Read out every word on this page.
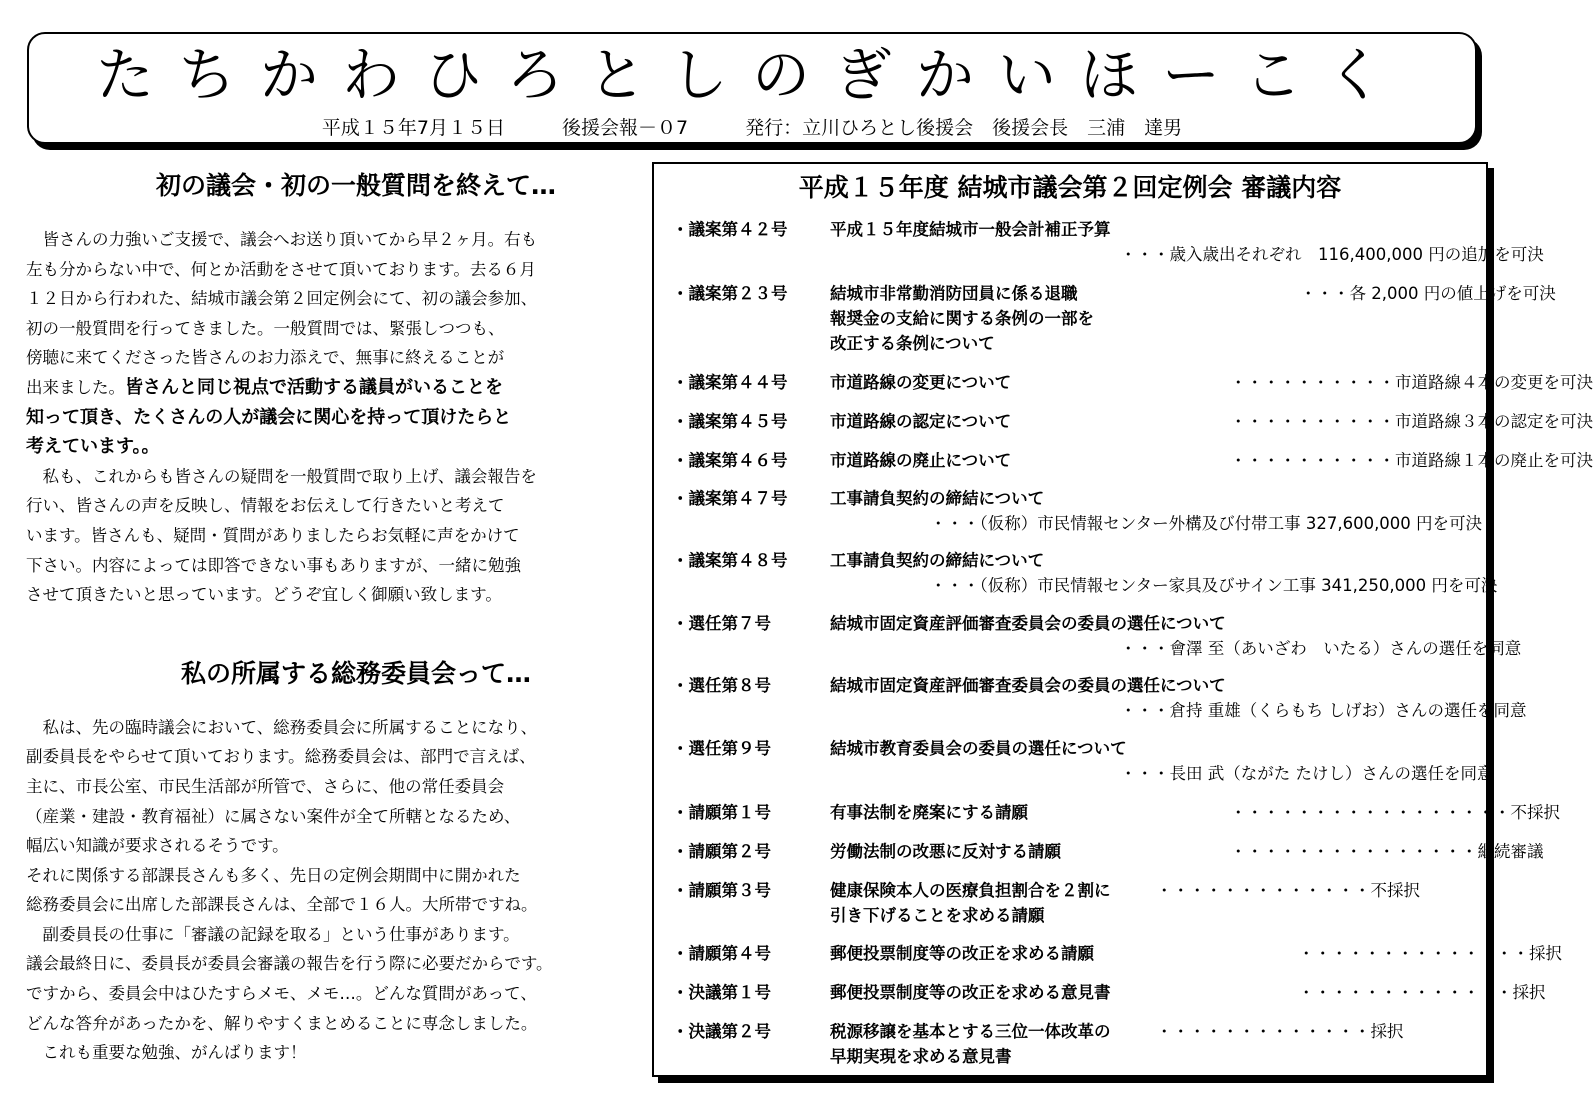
たちかわひろとしのぎかいほーこく
平成１５年7月１５日　　　	後援会報－０7　　　	発行：立川ひろとし後援会　後援会長　三浦　達男
初の議会・初の一般質問を終えて…
　皆さんの力強いご支援で、議会へお送り頂いてから早２ヶ月。右も
左も分からない中で、何とか活動をさせて頂いております。去る６月
１２日から行われた、結城市議会第２回定例会にて、初の議会参加、
初の一般質問を行ってきました。一般質問では、緊張しつつも、
傍聴に来てくださった皆さんのお力添えで、無事に終えることが
出来ました。皆さんと同じ視点で活動する議員がいることを
知って頂き、たくさんの人が議会に関心を持って頂けたらと
考えています。。
　私も、これからも皆さんの疑問を一般質問で取り上げ、議会報告を
行い、皆さんの声を反映し、情報をお伝えして行きたいと考えて
います。皆さんも、疑問・質問がありましたらお気軽に声をかけて
下さい。内容によっては即答できない事もありますが、一緒に勉強
させて頂きたいと思っています。どうぞ宜しく御願い致します。
私の所属する総務委員会って…
　私は、先の臨時議会において、総務委員会に所属することになり、
副委員長をやらせて頂いております。総務委員会は、部門で言えば、
主に、市長公室、市民生活部が所管で、さらに、他の常任委員会
（産業・建設・教育福祉）に属さない案件が全て所轄となるため、
幅広い知識が要求されるそうです。
それに関係する部課長さんも多く、先日の定例会期間中に開かれた
総務委員会に出席した部課長さんは、全部で１６人。大所帯ですね。
　副委員長の仕事に「審議の記録を取る」という仕事があります。
議会最終日に、委員長が委員会審議の報告を行う際に必要だからです。
ですから、委員会中はひたすらメモ、メモ…。どんな質問があって、
どんな答弁があったかを、解りやすくまとめることに専念しました。
　これも重要な勉強、がんばります！
平成１５年度 結城市議会第２回定例会 審議内容
・議案第４２号	平成１５年度結城市一般会計補正予算
・・・歳入歳出それぞれ　116,400,000 円の追加を可決
・議案第２３号	結城市非常勤消防団員に係る退職
報奨金の支給に関する条例の一部を
改正する条例について
・・・各 2,000 円の値上げを可決
・議案第４４号	市道路線の変更について	・・・・・・・・・・市道路線４本の変更を可決
・議案第４５号	市道路線の認定について	・・・・・・・・・・市道路線３本の認定を可決
・議案第４６号	市道路線の廃止について	・・・・・・・・・・市道路線１本の廃止を可決
・議案第４７号	工事請負契約の締結について
・・・（仮称）市民情報センター外構及び付帯工事 327,600,000 円を可決
・議案第４８号	工事請負契約の締結について
・・・（仮称）市民情報センター家具及びサイン工事 341,250,000 円を可決
・選任第７号	結城市固定資産評価審査委員会の委員の選任について
・・・會澤 至（あいざわ　いたる）さんの選任を同意
・選任第８号	結城市固定資産評価審査委員会の委員の選任について
・・・倉持 重雄（くらもち しげお）さんの選任を同意
・選任第９号	結城市教育委員会の委員の選任について
・・・長田 武（ながた たけし）さんの選任を同意
・請願第１号	有事法制を廃案にする請願	・・・・・・・・・・・・・・・・・不採択
・請願第２号	労働法制の改悪に反対する請願	・・・・・・・・・・・・・・・継続審議
・請願第３号	健康保険本人の医療負担割合を２割に
引き下げることを求める請願
・・・・・・・・・・・・・不採択
・請願第４号	郵便投票制度等の改正を求める請願	・・・・・・・・・・・・・・採択
・決議第１号	郵便投票制度等の改正を求める意見書	・・・・・・・・・・・・・採択
・決議第２号	税源移譲を基本とする三位一体改革の
早期実現を求める意見書
・・・・・・・・・・・・・採択
